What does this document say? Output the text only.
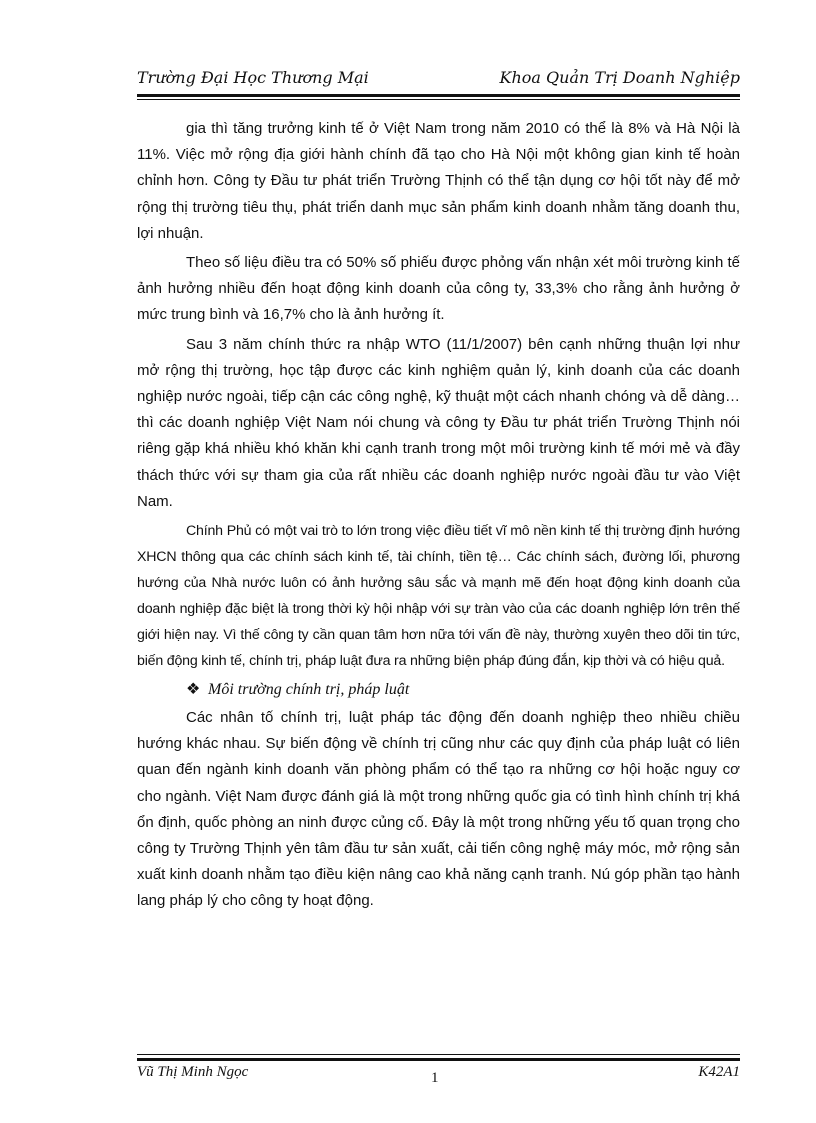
Trường Đại Học Thương Mại	Khoa Quản Trị Doanh Nghiệp

gia thì tăng trưởng kinh tế ở Việt Nam trong năm 2010 có thể là 8% và Hà Nội là 11%. Việc mở rộng địa giới hành chính đã tạo cho Hà Nội một không gian kinh tế hoàn chỉnh hơn. Công ty Đầu tư phát triển Trường Thịnh có thể tận dụng cơ hội tốt này để mở rộng thị trường tiêu thụ, phát triển danh mục sản phẩm kinh doanh nhằm tăng doanh thu, lợi nhuận.

Theo số liệu điều tra có 50% số phiếu được phỏng vấn nhận xét môi trường kinh tế ảnh hưởng nhiều đến hoạt động kinh doanh của công ty, 33,3% cho rằng ảnh hưởng ở mức trung bình và 16,7% cho là ảnh hưởng ít.

Sau 3 năm chính thức ra nhập WTO (11/1/2007) bên cạnh những thuận lợi như mở rộng thị trường, học tập được các kinh nghiệm quản lý, kinh doanh của các doanh nghiệp nước ngoài, tiếp cận các công nghệ, kỹ thuật một cách nhanh chóng và dễ dàng… thì các doanh nghiệp Việt Nam nói chung và công ty Đầu tư phát triển Trường Thịnh nói riêng gặp khá nhiều khó khăn khi cạnh tranh trong một môi trường kinh tế mới mẻ và đầy thách thức với sự tham gia của rất nhiều các doanh nghiệp nước ngoài đầu tư vào Việt Nam.

Chính Phủ có một vai trò to lớn trong việc điều tiết vĩ mô nền kinh tế thị trường định hướng XHCN thông qua các chính sách kinh tế, tài chính, tiền tệ… Các chính sách, đường lối, phương hướng của Nhà nước luôn có ảnh hưởng sâu sắc và mạnh mẽ đến hoạt động kinh doanh của doanh nghiệp đặc biệt là trong thời kỳ hội nhập với sự tràn vào của các doanh nghiệp lớn trên thế giới hiện nay. Vì thế công ty cần quan tâm hơn nữa tới vấn đề này, thường xuyên theo dõi tin tức, biến động kinh tế, chính trị, pháp luật đưa ra những biện pháp đúng đắn, kịp thời và có hiệu quả.

❖ Môi trường chính trị, pháp luật

Các nhân tố chính trị, luật pháp tác động đến doanh nghiệp theo nhiều chiều hướng khác nhau. Sự biến động về chính trị cũng như các quy định của pháp luật có liên quan đến ngành kinh doanh văn phòng phẩm có thể tạo ra những cơ hội hoặc nguy cơ cho ngành. Việt Nam được đánh giá là một trong những quốc gia có tình hình chính trị khá ổn định, quốc phòng an ninh được củng cố. Đây là một trong những yếu tố quan trọng cho công ty Trường Thịnh yên tâm đầu tư sản xuất, cải tiến công nghệ máy móc, mở rộng sản xuất kinh doanh nhằm tạo điều kiện nâng cao khả năng cạnh tranh. Nú góp phần tạo hành lang pháp lý cho công ty hoạt động.

Vũ Thị Minh Ngọc	1	K42A1
